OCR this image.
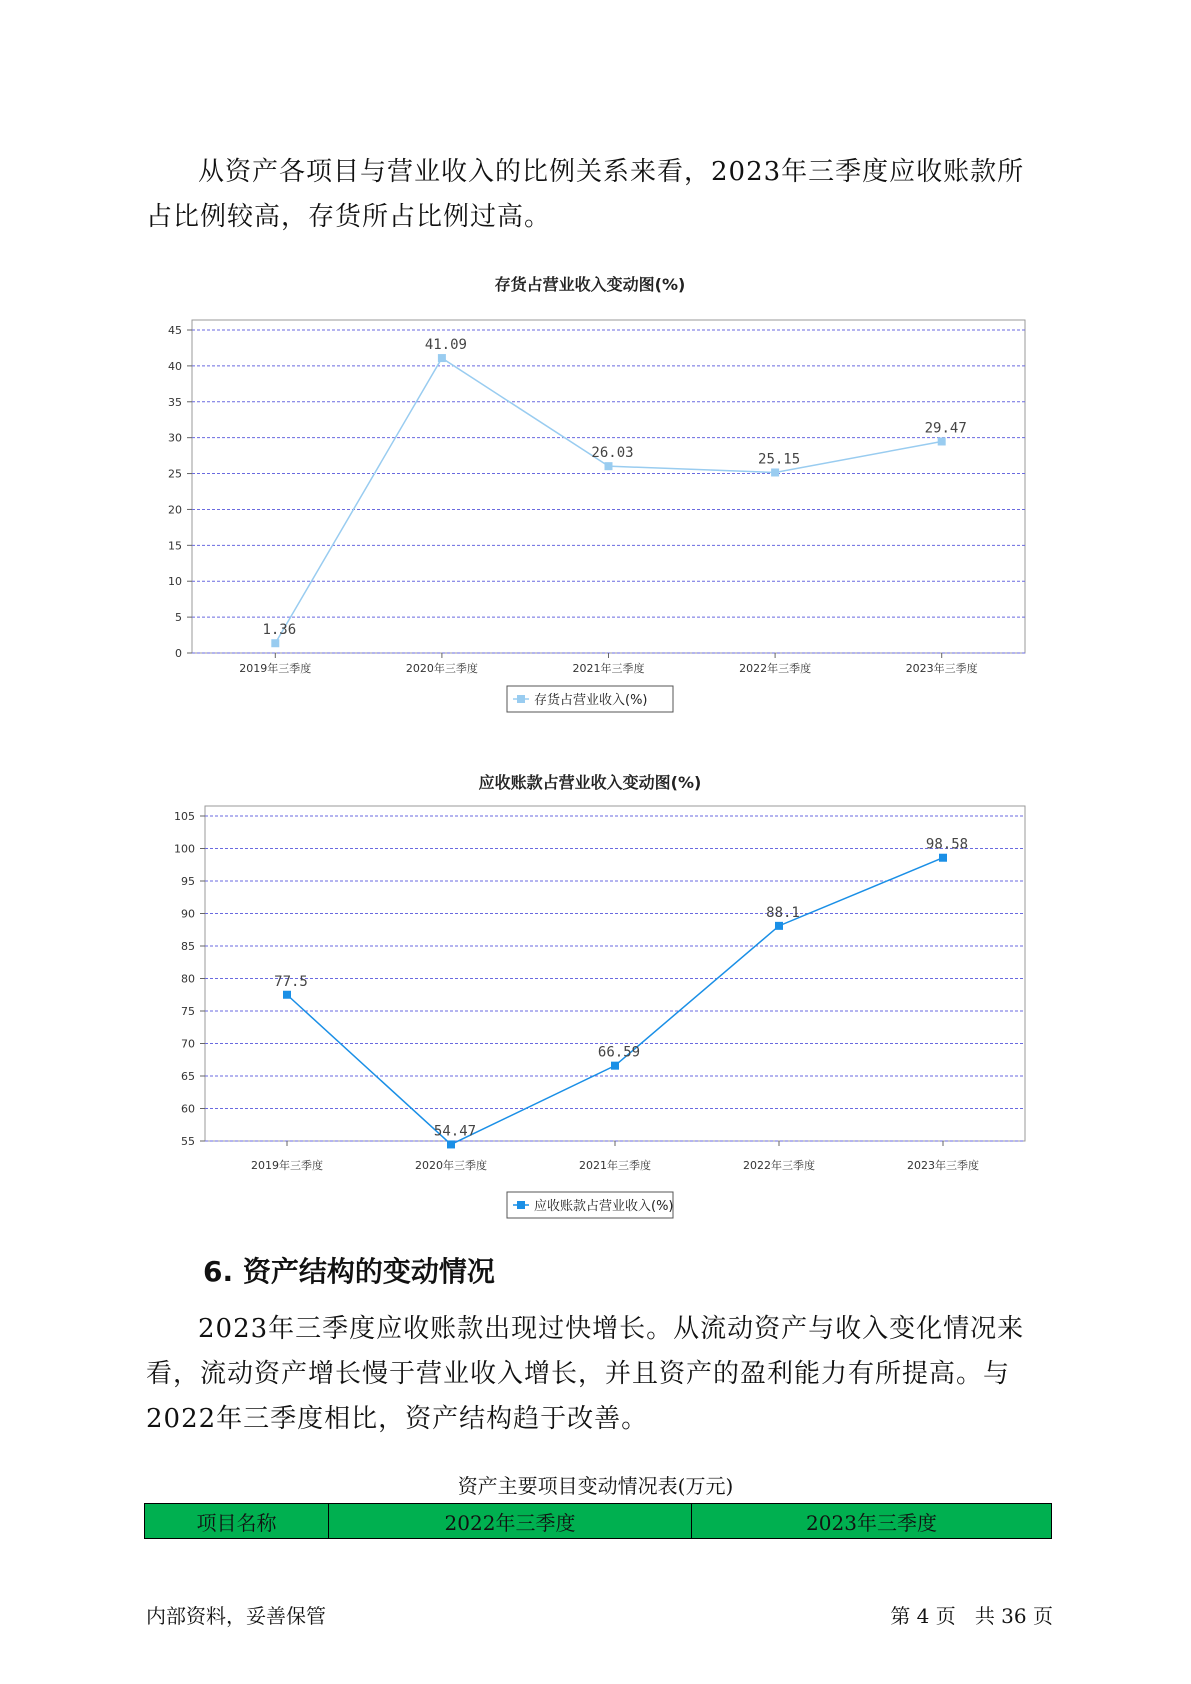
从资产各项目与营业收入的比例关系来看，2023年三季度应收账款所占比例较高，存货所占比例过高。

存货占营业收入变动图(%)
0
5
10
15
20
25
30
35
40
45
2019年三季度	2020年三季度	2021年三季度	2022年三季度	2023年三季度
1.36
41.09
26.03	25.15
29.47
存货占营业收入(%)
应收账款占营业收入变动图(%)
55
60
65
70
75
80
85
90
95
100
105
2019年三季度	2020年三季度	2021年三季度	2022年三季度	2023年三季度
77.5
54.47
66.59
88.1
98.58
应收账款占营业收入(%)
6. 资产结构的变动情况

2023年三季度应收账款出现过快增长。从流动资产与收入变化情况来看，流动资产增长慢于营业收入增长，并且资产的盈利能力有所提高。与2022年三季度相比，资产结构趋于改善。

资产主要项目变动情况表(万元)
项目名称	2022年三季度	2023年三季度
内部资料，妥善保管	第 4 页   共 36 页
